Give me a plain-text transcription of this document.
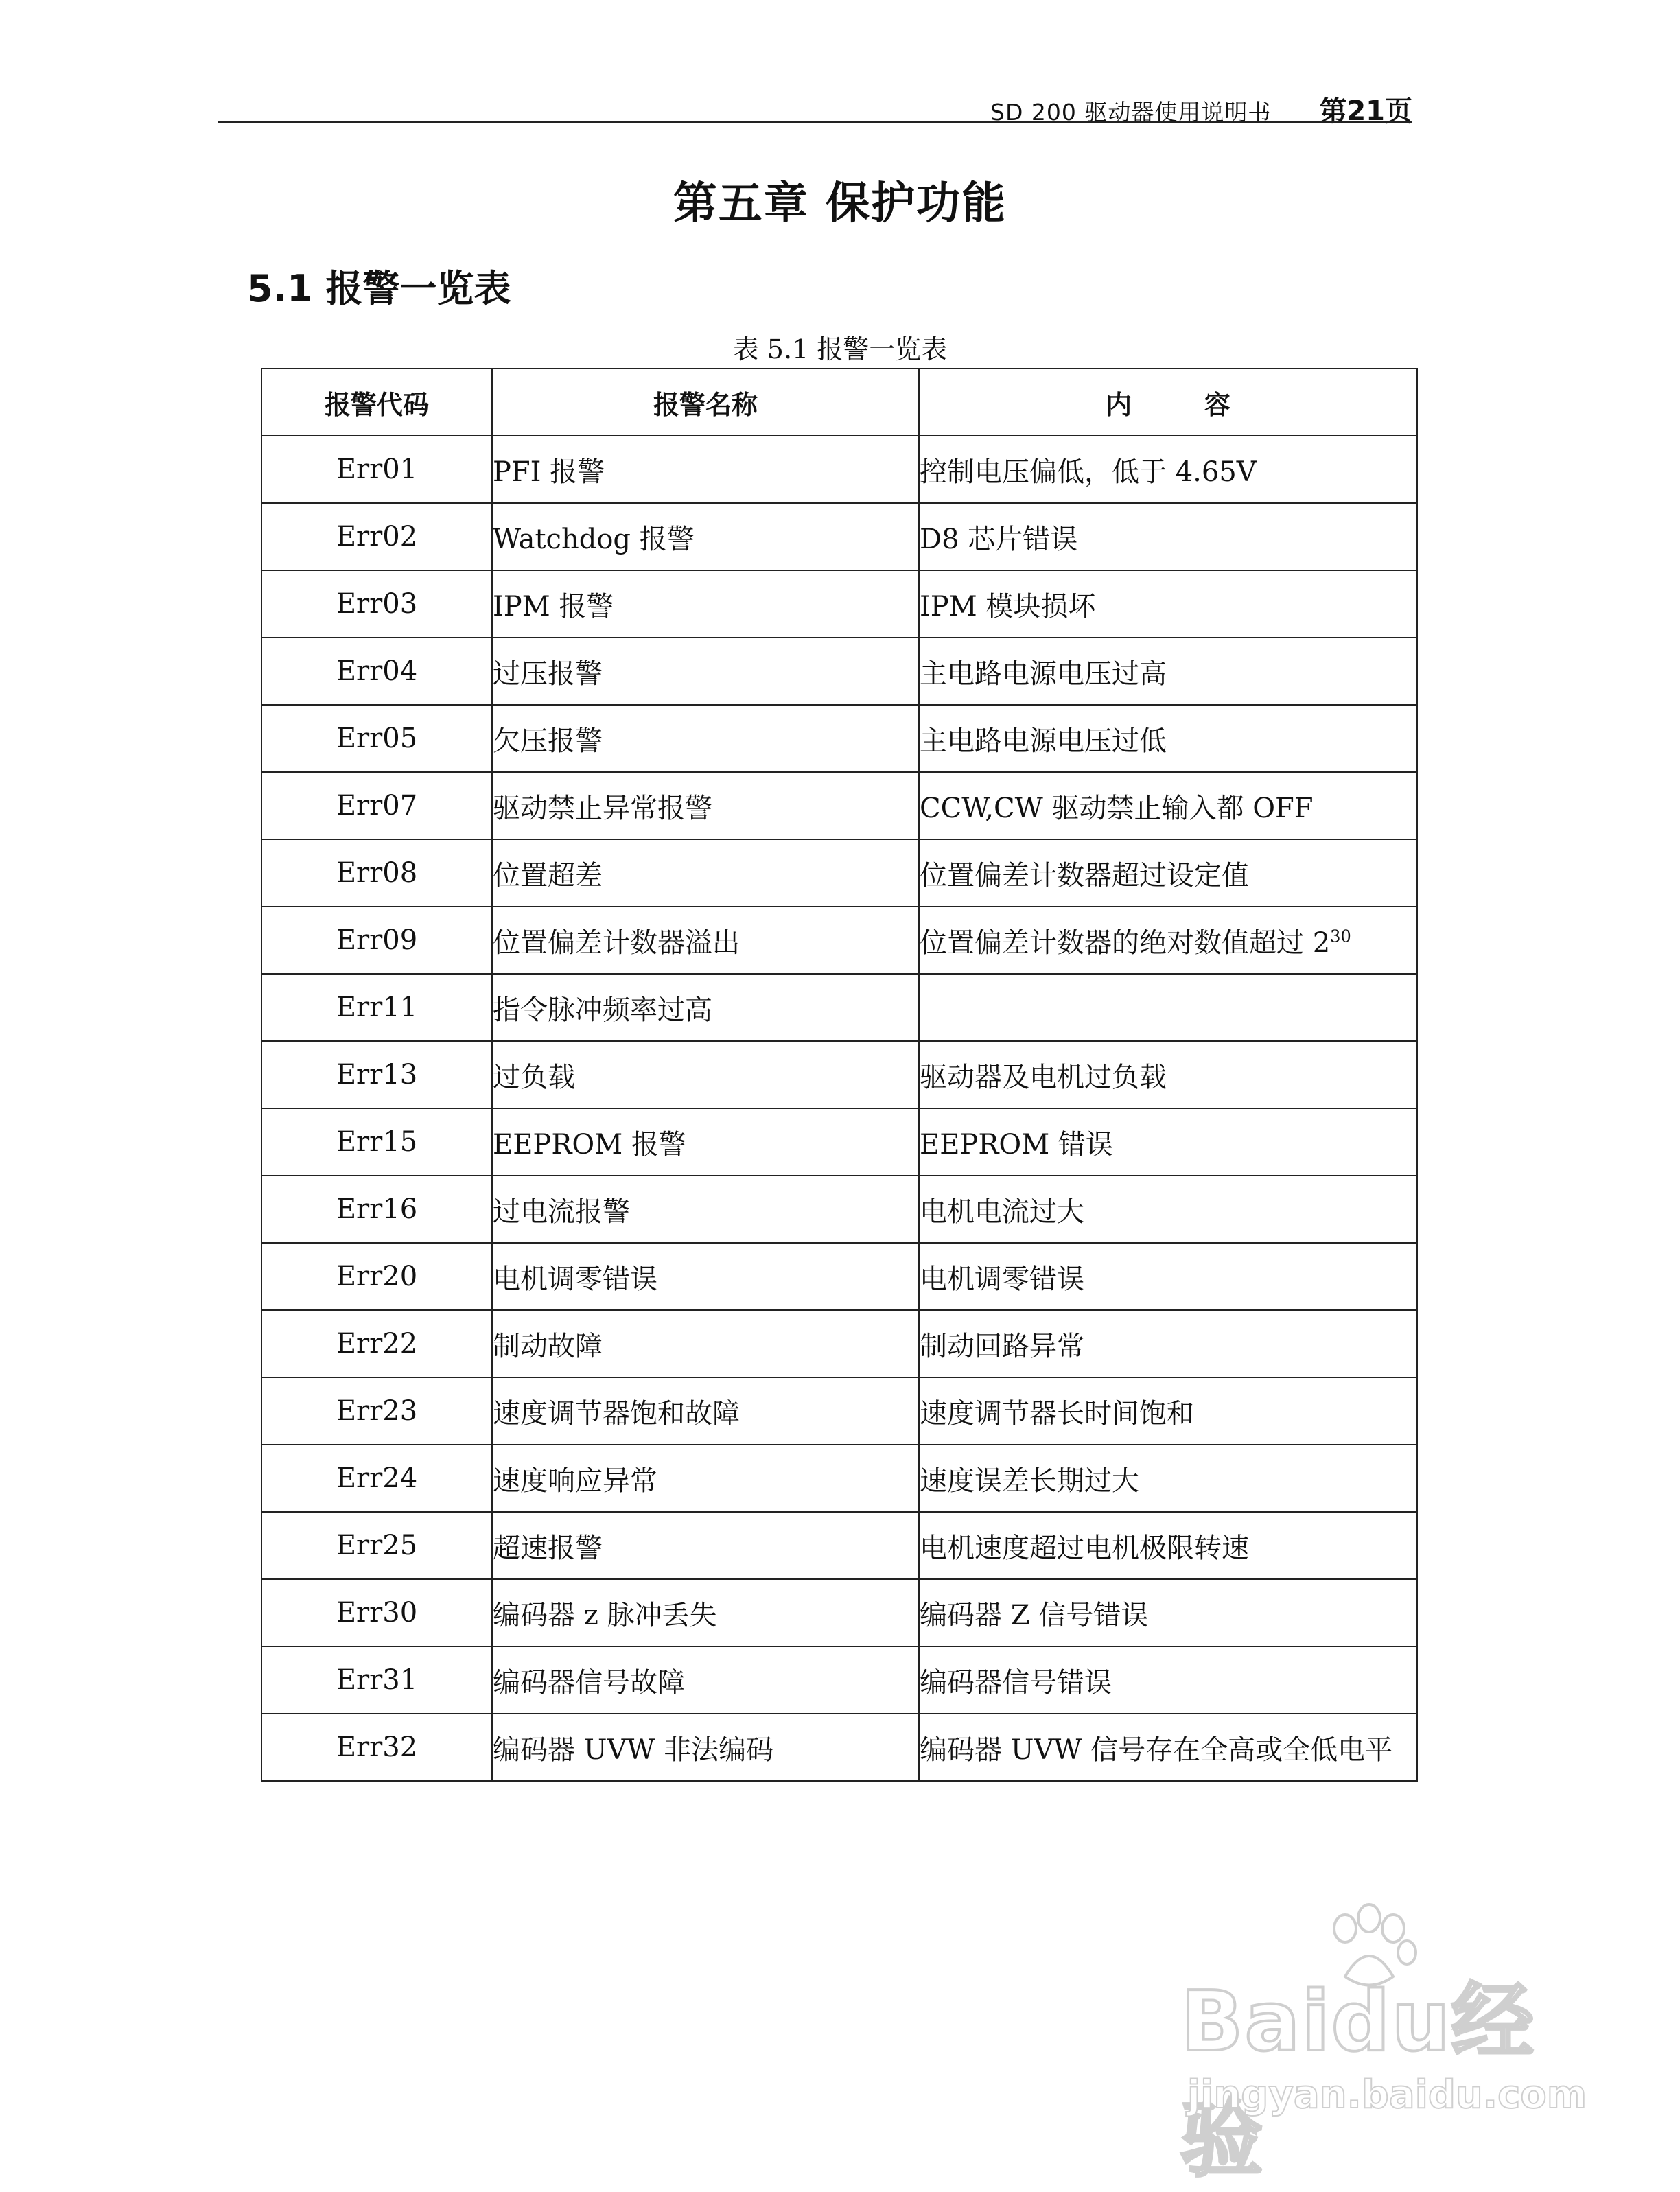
SD 200 驱动器使用说明书 第21页
第五章 保护功能
5.1 报警一览表
表 5.1 报警一览表
报警代码	报警名称	内        容
Err01	PFI 报警	控制电压偏低，低于 4.65V
Err02	Watchdog 报警	D8 芯片错误
Err03	IPM 报警	IPM 模块损坏
Err04	过压报警	主电路电源电压过高
Err05	欠压报警	主电路电源电压过低
Err07	驱动禁止异常报警	CCW,CW 驱动禁止输入都 OFF
Err08	位置超差	位置偏差计数器超过设定值
Err09	位置偏差计数器溢出	位置偏差计数器的绝对数值超过 $2^{30}$
Err11	指令脉冲频率过高	
Err13	过负载	驱动器及电机过负载
Err15	EEPROM 报警	EEPROM 错误
Err16	过电流报警	电机电流过大
Err20	电机调零错误	电机调零错误
Err22	制动故障	制动回路异常
Err23	速度调节器饱和故障	速度调节器长时间饱和
Err24	速度响应异常	速度误差长期过大
Err25	超速报警	电机速度超过电机极限转速
Err30	编码器 z 脉冲丢失	编码器 Z 信号错误
Err31	编码器信号故障	编码器信号错误
Err32	编码器 UVW 非法编码	编码器 UVW 信号存在全高或全低电平
Baidu经验
jingyan.baidu.com
